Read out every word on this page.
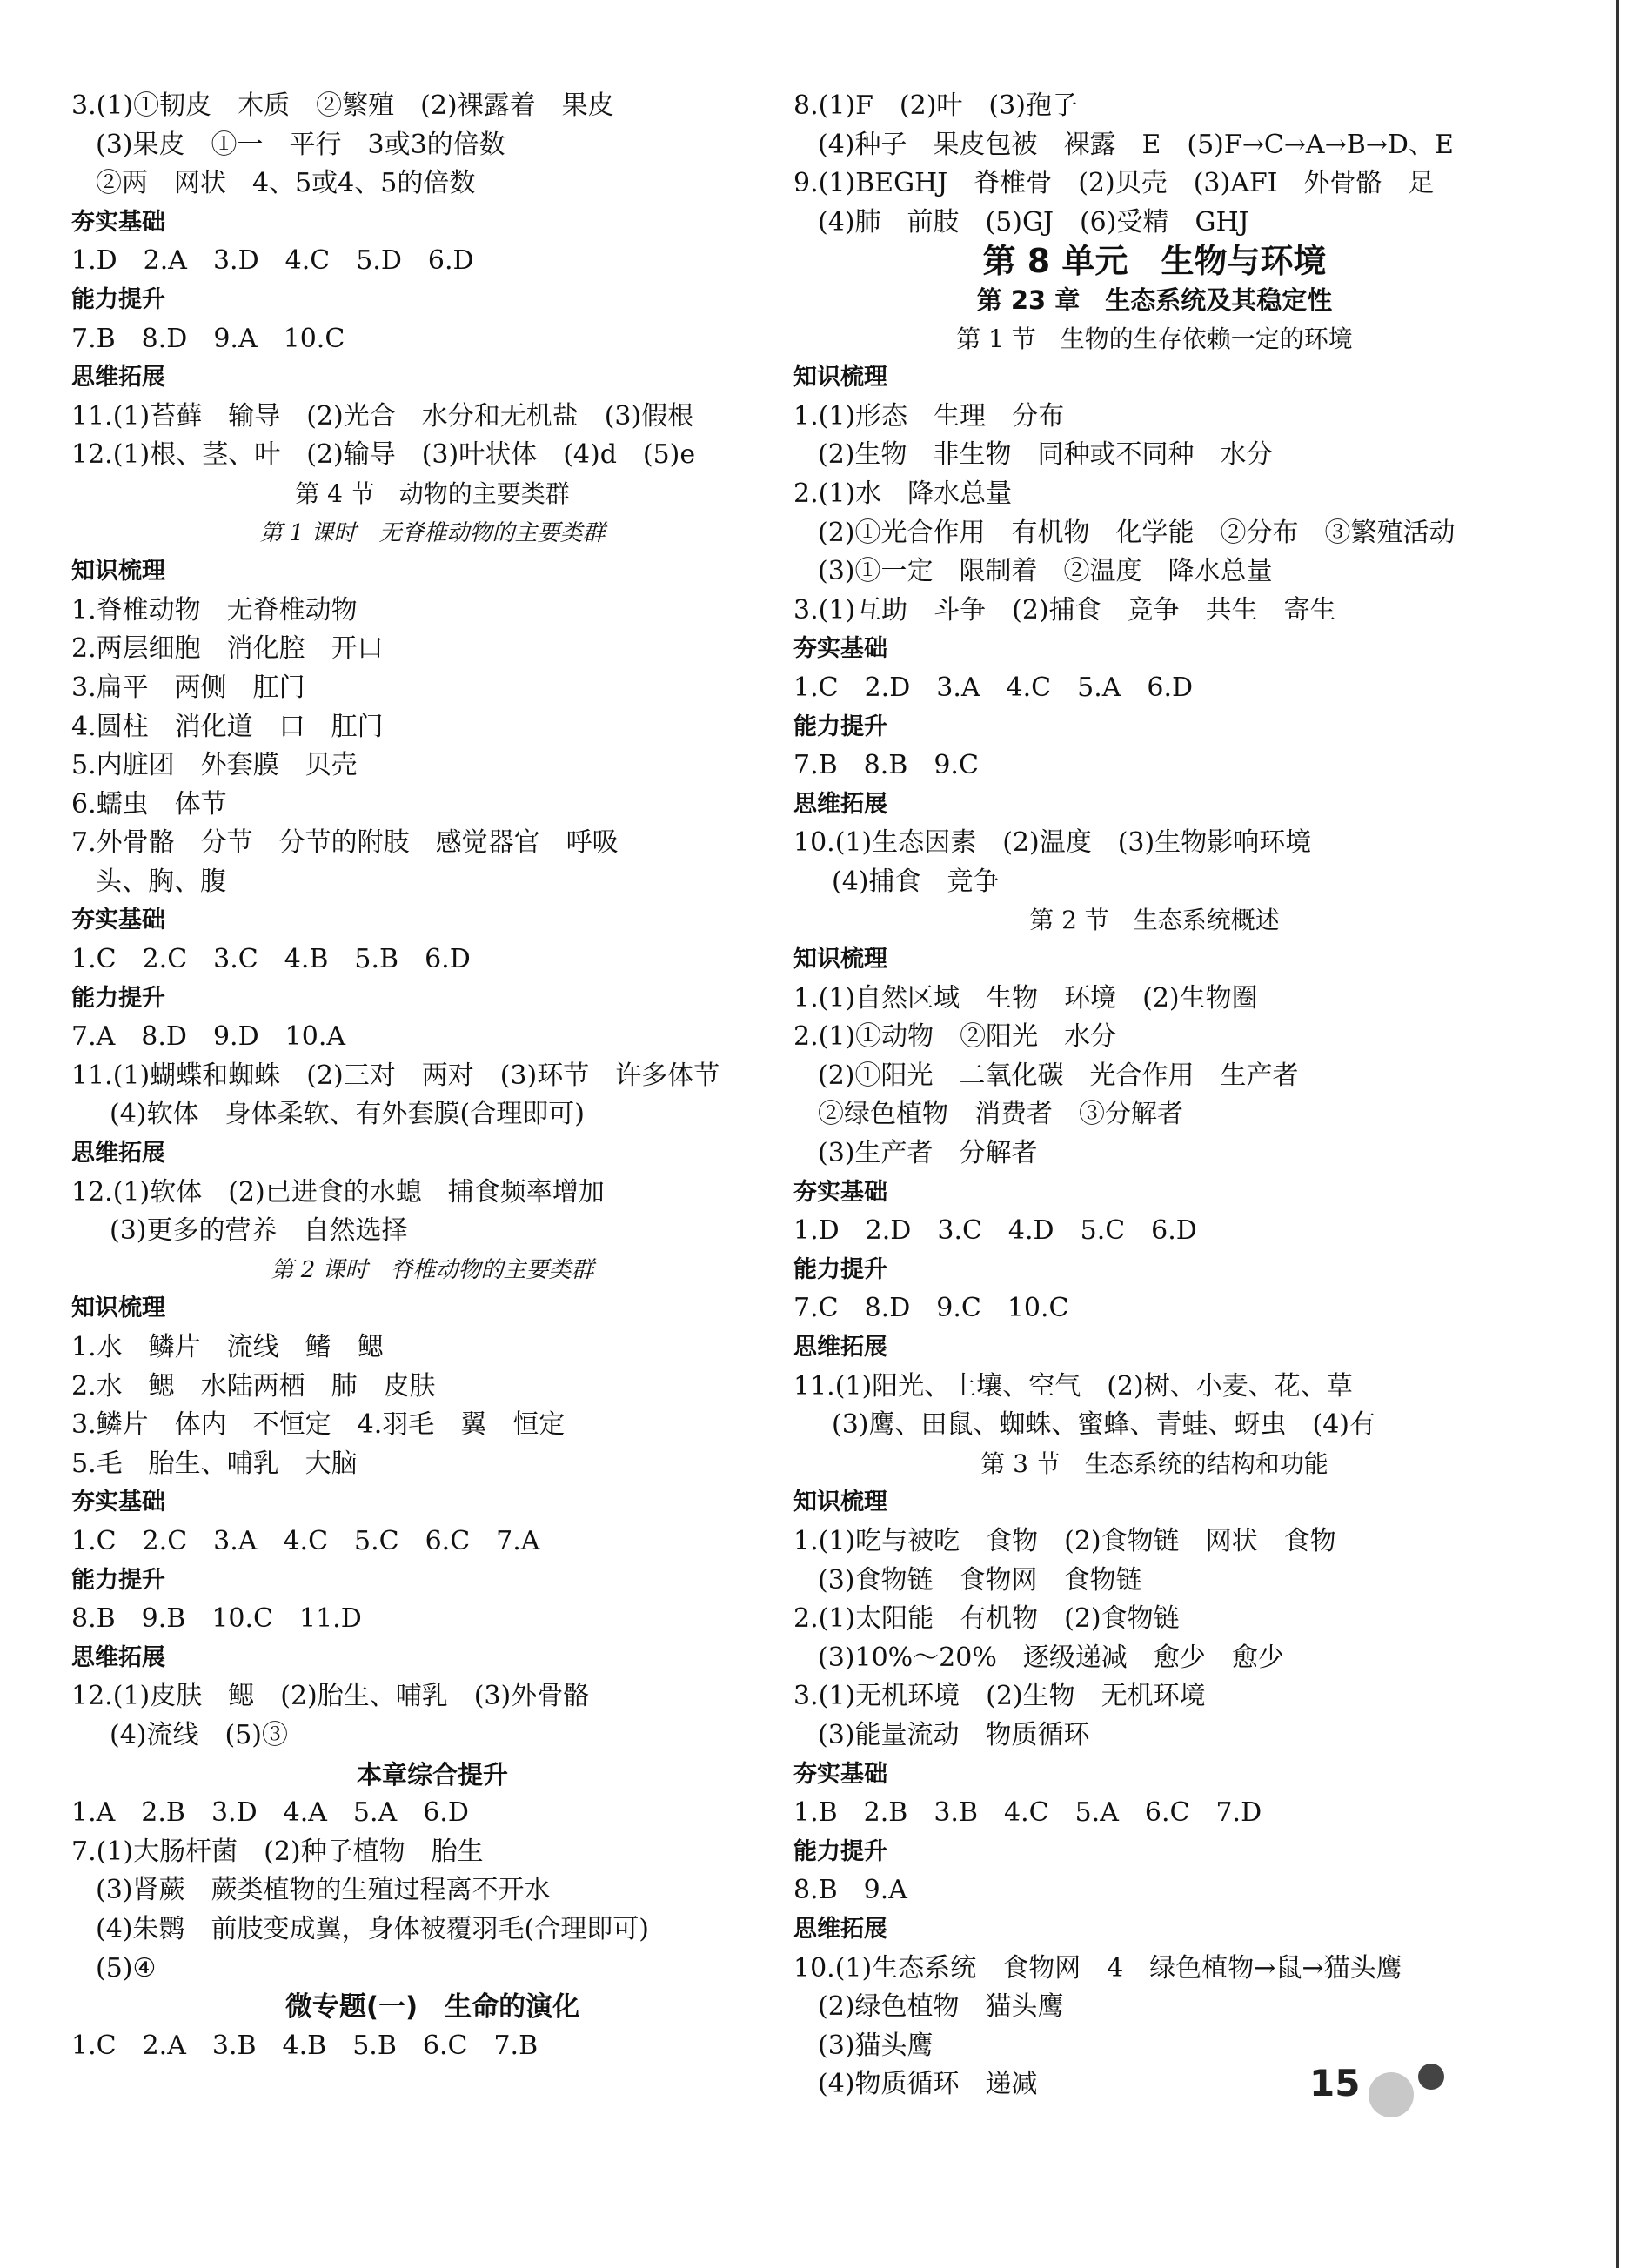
3.(1)①韧皮　木质　②繁殖　(2)裸露着　果皮
(3)果皮　①一　平行　3或3的倍数
②两　网状　4、5或4、5的倍数
夯实基础
1.D　2.A　3.D　4.C　5.D　6.D
能力提升
7.B　8.D　9.A　10.C
思维拓展
11.(1)苔藓　输导　(2)光合　水分和无机盐　(3)假根
12.(1)根、茎、叶　(2)输导　(3)叶状体　(4)d　(5)e
第 4 节　动物的主要类群
第 1 课时　无脊椎动物的主要类群
知识梳理
1.脊椎动物　无脊椎动物
2.两层细胞　消化腔　开口
3.扁平　两侧　肛门
4.圆柱　消化道　口　肛门
5.内脏团　外套膜　贝壳
6.蠕虫　体节
7.外骨骼　分节　分节的附肢　感觉器官　呼吸
头、胸、腹
夯实基础
1.C　2.C　3.C　4.B　5.B　6.D
能力提升
7.A　8.D　9.D　10.A
11.(1)蝴蝶和蜘蛛　(2)三对　两对　(3)环节　许多体节
(4)软体　身体柔软、有外套膜(合理即可)
思维拓展
12.(1)软体　(2)已进食的水螅　捕食频率增加
(3)更多的营养　自然选择
第 2 课时　脊椎动物的主要类群
知识梳理
1.水　鳞片　流线　鳍　鳃
2.水　鳃　水陆两栖　肺　皮肤
3.鳞片　体内　不恒定　4.羽毛　翼　恒定
5.毛　胎生、哺乳　大脑
夯实基础
1.C　2.C　3.A　4.C　5.C　6.C　7.A
能力提升
8.B　9.B　10.C　11.D
思维拓展
12.(1)皮肤　鳃　(2)胎生、哺乳　(3)外骨骼
(4)流线　(5)③
本章综合提升
1.A　2.B　3.D　4.A　5.A　6.D
7.(1)大肠杆菌　(2)种子植物　胎生
(3)肾蕨　蕨类植物的生殖过程离不开水
(4)朱鹮　前肢变成翼，身体被覆羽毛(合理即可)
(5)④
微专题(一)　生命的演化
1.C　2.A　3.B　4.B　5.B　6.C　7.B
8.(1)F　(2)叶　(3)孢子
(4)种子　果皮包被　裸露　E　(5)F→C→A→B→D、E
9.(1)BEGHJ　脊椎骨　(2)贝壳　(3)AFI　外骨骼　足
(4)肺　前肢　(5)GJ　(6)受精　GHJ
第 8 单元　生物与环境
第 23 章　生态系统及其稳定性
第 1 节　生物的生存依赖一定的环境
知识梳理
1.(1)形态　生理　分布
(2)生物　非生物　同种或不同种　水分
2.(1)水　降水总量
(2)①光合作用　有机物　化学能　②分布　③繁殖活动
(3)①一定　限制着　②温度　降水总量
3.(1)互助　斗争　(2)捕食　竞争　共生　寄生
夯实基础
1.C　2.D　3.A　4.C　5.A　6.D
能力提升
7.B　8.B　9.C
思维拓展
10.(1)生态因素　(2)温度　(3)生物影响环境
(4)捕食　竞争
第 2 节　生态系统概述
知识梳理
1.(1)自然区域　生物　环境　(2)生物圈
2.(1)①动物　②阳光　水分
(2)①阳光　二氧化碳　光合作用　生产者
②绿色植物　消费者　③分解者
(3)生产者　分解者
夯实基础
1.D　2.D　3.C　4.D　5.C　6.D
能力提升
7.C　8.D　9.C　10.C
思维拓展
11.(1)阳光、土壤、空气　(2)树、小麦、花、草
(3)鹰、田鼠、蜘蛛、蜜蜂、青蛙、蚜虫　(4)有
第 3 节　生态系统的结构和功能
知识梳理
1.(1)吃与被吃　食物　(2)食物链　网状　食物
(3)食物链　食物网　食物链
2.(1)太阳能　有机物　(2)食物链
(3)10%～20%　逐级递减　愈少　愈少
3.(1)无机环境　(2)生物　无机环境
(3)能量流动　物质循环
夯实基础
1.B　2.B　3.B　4.C　5.A　6.C　7.D
能力提升
8.B　9.A
思维拓展
10.(1)生态系统　食物网　4　绿色植物→鼠→猫头鹰
(2)绿色植物　猫头鹰
(3)猫头鹰
(4)物质循环　递减	15
